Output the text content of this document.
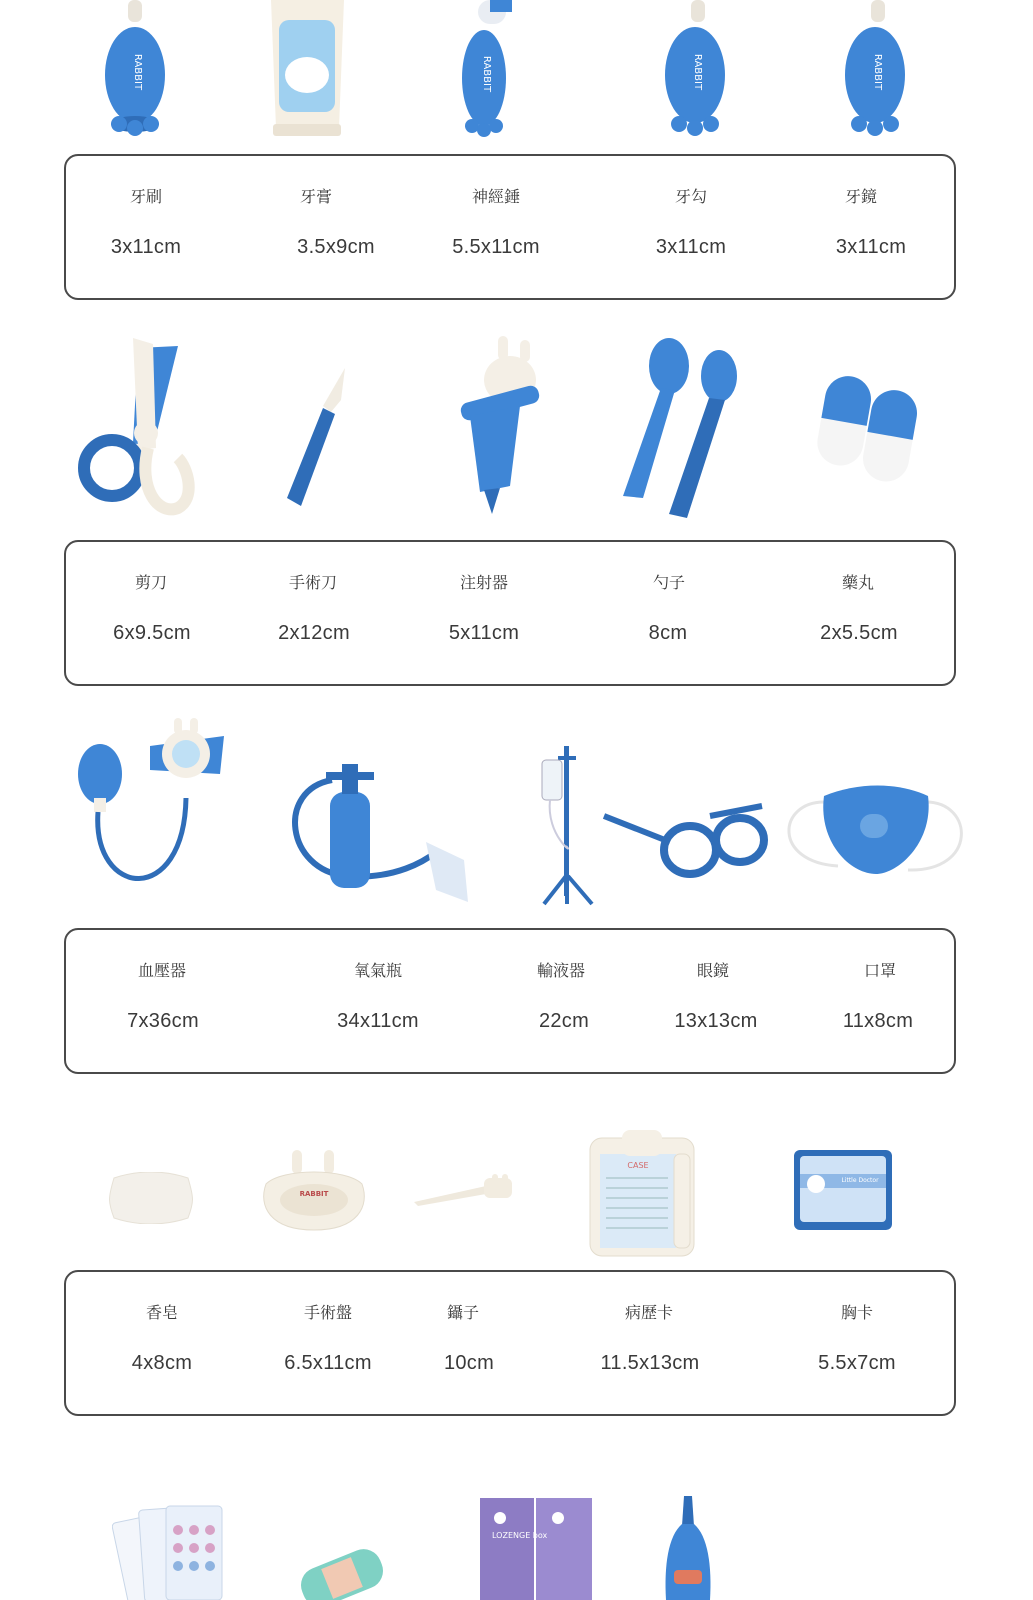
RABBIT	RABBIT	RABBIT	RABBIT
牙刷	牙膏	神經錘	牙勾	牙鏡
3x11cm	3.5x9cm	5.5x11cm	3x11cm	3x11cm
剪刀	手術刀	注射器	勺子	藥丸
6x9.5cm	2x12cm	5x11cm	8cm	2x5.5cm
血壓器	氧氣瓶	輸液器	眼鏡	口罩
7x36cm	34x11cm	22cm	13x13cm	11x8cm
RABBIT
CASE
Little Doctor
香皂	手術盤	鑷子	病歷卡	胸卡
4x8cm	6.5x11cm	10cm	11.5x13cm	5.5x7cm
LOZENGE box
